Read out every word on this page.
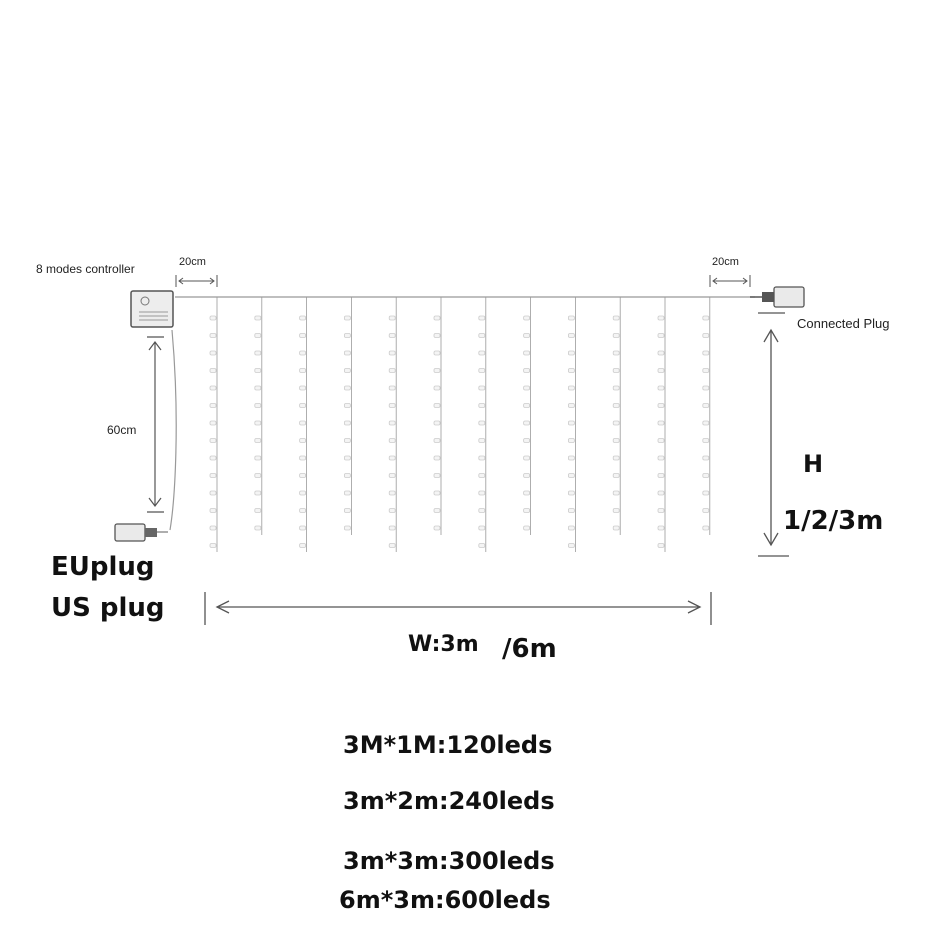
8 modes controller	20cm	20cm
Connected Plug
60cm
EUplug
US plug
H
1/2/3m
W:3m /6m
3M*1M:120leds
3m*2m:240leds
3m*3m:300leds
6m*3m:600leds
